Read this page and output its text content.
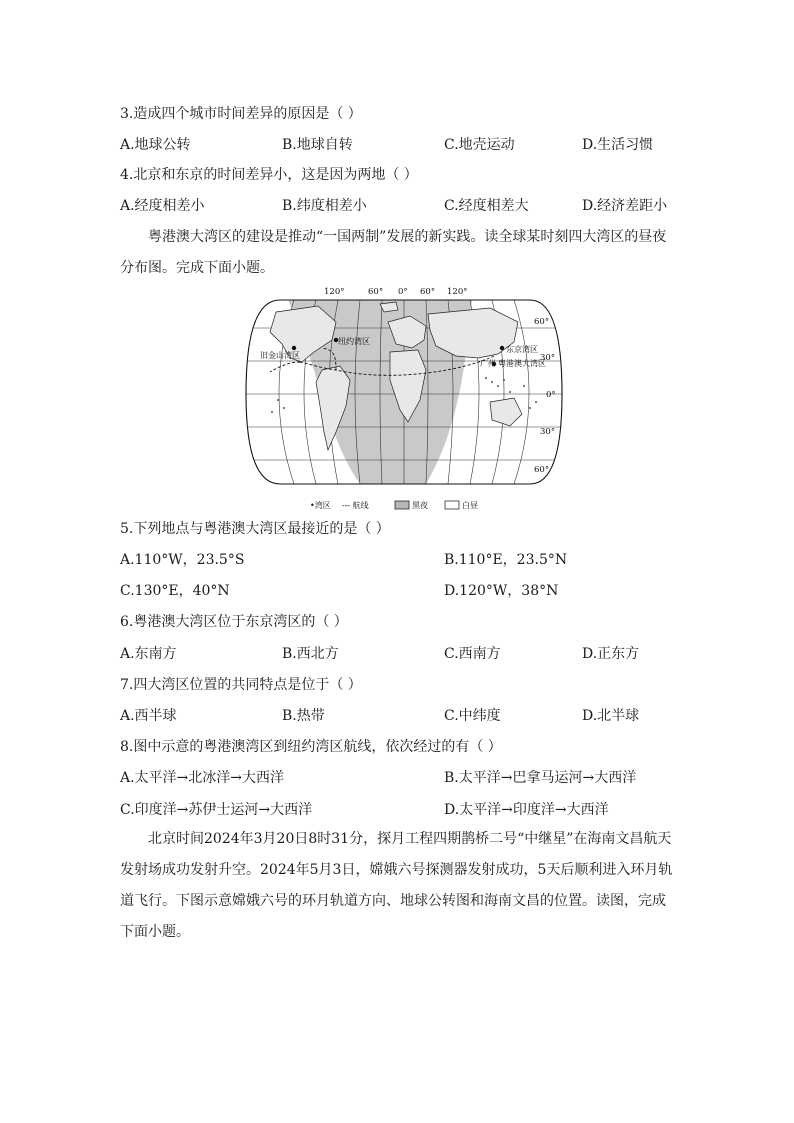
3.造成四个城市时间差异的原因是（ ）
A.地球公转	B.地球自转	C.地壳运动	D.生活习惯
4.北京和东京的时间差异小，这是因为两地（ ）
A.经度相差小	B.纬度相差小	C.经度相差大	D.经济差距小
粤港澳大湾区的建设是推动“一国两制”发展的新实践。读全球某时刻四大湾区的昼夜分布图。完成下面小题。
120°	60° 0° 60° 120°
旧金山湾区
纽约湾区
东京湾区
广州 粤港澳大湾区
60°
30°
0°
30°
60°
•湾区 --- 航线	黑夜	白昼
5.下列地点与粤港澳大湾区最接近的是（ ）
A.110°W，23.5°S	B.110°E，23.5°N
C.130°E，40°N	D.120°W，38°N
6.粤港澳大湾区位于东京湾区的（ ）
A.东南方	B.西北方	C.西南方	D.正东方
7.四大湾区位置的共同特点是位于（ ）
A.西半球	B.热带	C.中纬度	D.北半球
8.图中示意的粤港澳湾区到纽约湾区航线，依次经过的有（ ）
A.太平洋→北冰洋→大西洋	B.太平洋→巴拿马运河→大西洋
C.印度洋→苏伊士运河→大西洋	D.太平洋→印度洋→大西洋
北京时间2024年3月20日8时31分，探月工程四期鹊桥二号“中继星”在海南文昌航天发射场成功发射升空。2024年5月3日，嫦娥六号探测器发射成功，5天后顺利进入环月轨道飞行。下图示意嫦娥六号的环月轨道方向、地球公转图和海南文昌的位置。读图，完成下面小题。
